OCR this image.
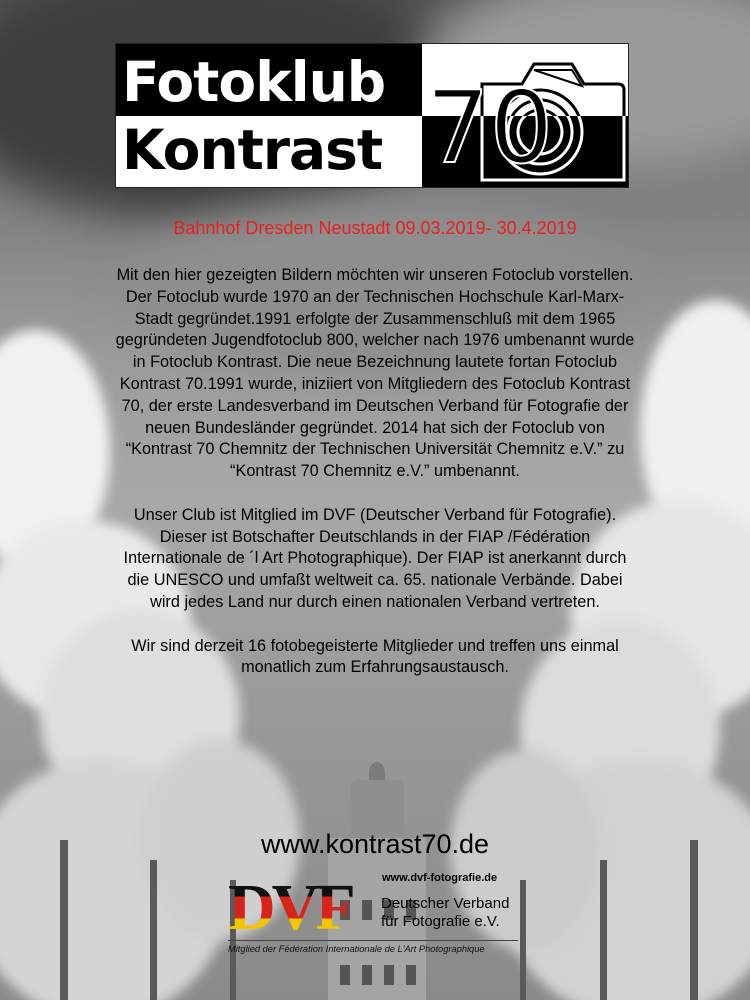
Fotoklub
Kontrast 70
Bahnhof Dresden Neustadt 09.03.2019- 30.4.2019

Mit den hier gezeigten Bildern möchten wir unseren Fotoclub vorstellen. Der Fotoclub wurde 1970 an der Technischen Hochschule Karl-Marx- Stadt gegründet.1991 erfolgte der Zusammenschluß mit dem 1965 gegründeten Jugendfotoclub 800, welcher nach 1976 umbenannt wurde in Fotoclub Kontrast. Die neue Bezeichnung lautete fortan Fotoclub Kontrast 70.1991 wurde, iniziiert von Mitgliedern des Fotoclub Kontrast 70, der erste Landesverband im Deutschen Verband für Fotografie der neuen Bundesländer gegründet. 2014 hat sich der Fotoclub von “Kontrast 70 Chemnitz der Technischen Universität Chemnitz e.V.” zu “Kontrast 70 Chemnitz e.V.” umbenannt.

Unser Club ist Mitglied im DVF (Deutscher Verband für Fotografie). Dieser ist Botschafter Deutschlands in der FIAP /Fédération Internationale de ´l Art Photographique). Der FIAP ist anerkannt durch die UNESCO und umfaßt weltweit ca. 65. nationale Verbände. Dabei wird jedes Land nur durch einen nationalen Verband vertreten.

Wir sind derzeit 16 fotobegeisterte Mitglieder und treffen uns einmal monatlich zum Erfahrungsaustausch.

www.kontrast70.de
DVF	www.dvf-fotografie.de
Deutscher Verband
für Fotografie e.V.
Mitglied der Fédération Internationale de L'Art Photographique
